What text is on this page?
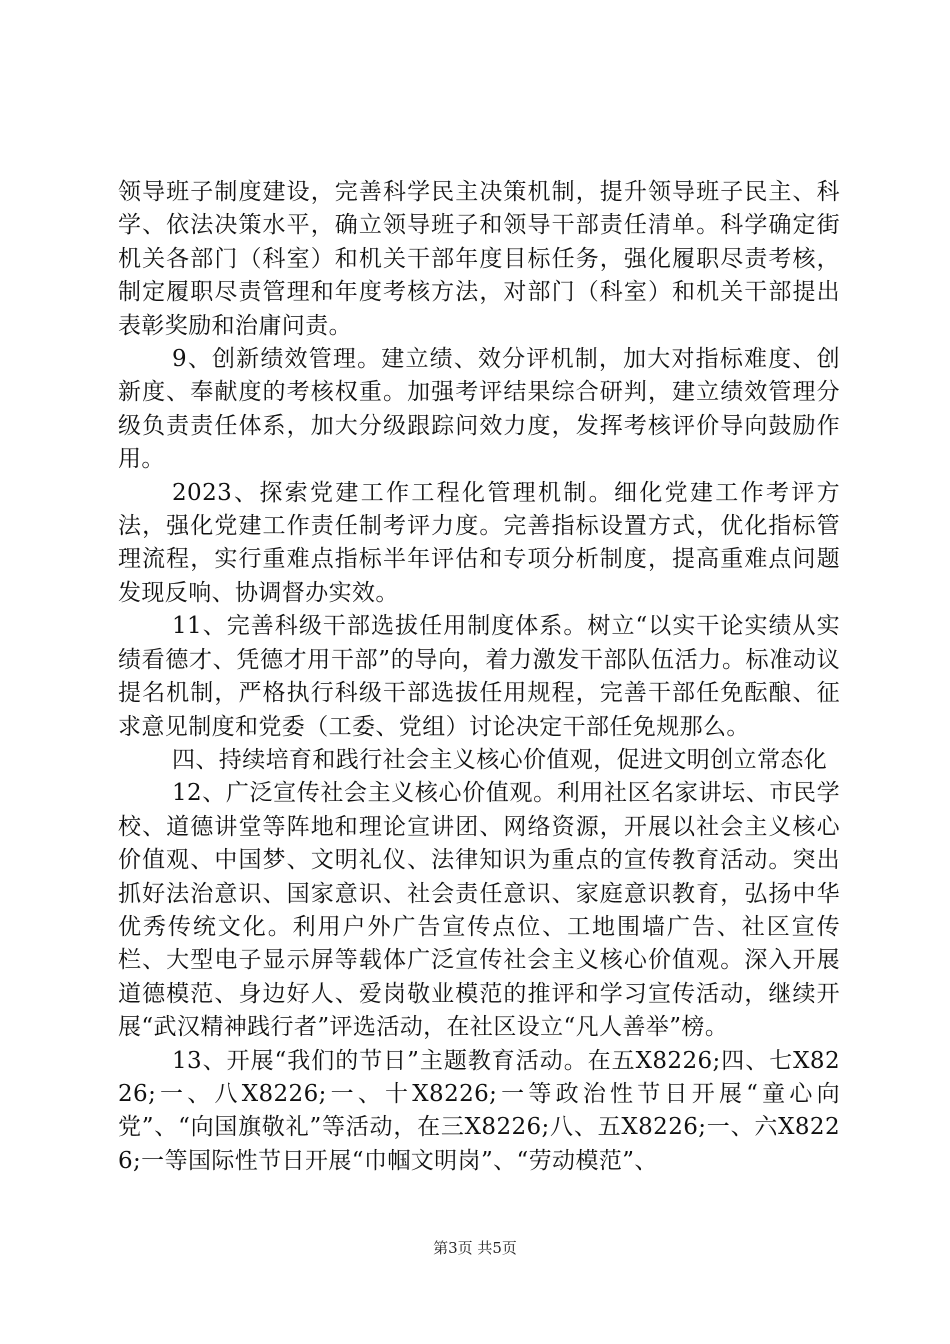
领导班子制度建设，完善科学民主决策机制，提升领导班子民主、科学、依法决策水平，确立领导班子和领导干部责任清单。科学确定街机关各部门（科室）和机关干部年度目标任务，强化履职尽责考核，制定履职尽责管理和年度考核方法，对部门（科室）和机关干部提出表彰奖励和治庸问责。

9、创新绩效管理。建立绩、效分评机制，加大对指标难度、创新度、奉献度的考核权重。加强考评结果综合研判，建立绩效管理分级负责责任体系，加大分级跟踪问效力度，发挥考核评价导向鼓励作用。

2023、探索党建工作工程化管理机制。细化党建工作考评方法，强化党建工作责任制考评力度。完善指标设置方式，优化指标管理流程，实行重难点指标半年评估和专项分析制度，提高重难点问题发现反响、协调督办实效。

11、完善科级干部选拔任用制度体系。树立“以实干论实绩从实绩看德才、凭德才用干部”的导向，着力激发干部队伍活力。标准动议提名机制，严格执行科级干部选拔任用规程，完善干部任免酝酿、征求意见制度和党委（工委、党组）讨论决定干部任免规那么。

四、持续培育和践行社会主义核心价值观，促进文明创立常态化

12、广泛宣传社会主义核心价值观。利用社区名家讲坛、市民学校、道德讲堂等阵地和理论宣讲团、网络资源，开展以社会主义核心价值观、中国梦、文明礼仪、法律知识为重点的宣传教育活动。突出抓好法治意识、国家意识、社会责任意识、家庭意识教育，弘扬中华优秀传统文化。利用户外广告宣传点位、工地围墙广告、社区宣传栏、大型电子显示屏等载体广泛宣传社会主义核心价值观。深入开展道德模范、身边好人、爱岗敬业模范的推评和学习宣传活动，继续开展“武汉精神践行者”评选活动，在社区设立“凡人善举”榜。

13、开展“我们的节日”主题教育活动。在五X8226;四、七X8226;一、八X8226;一、十X8226;一等政治性节日开展“童心向党”、“向国旗敬礼”等活动，在三X8226;八、五X8226;一、六X8226;一等国际性节日开展“巾帼文明岗”、“劳动模范”、

第3页 共5页
